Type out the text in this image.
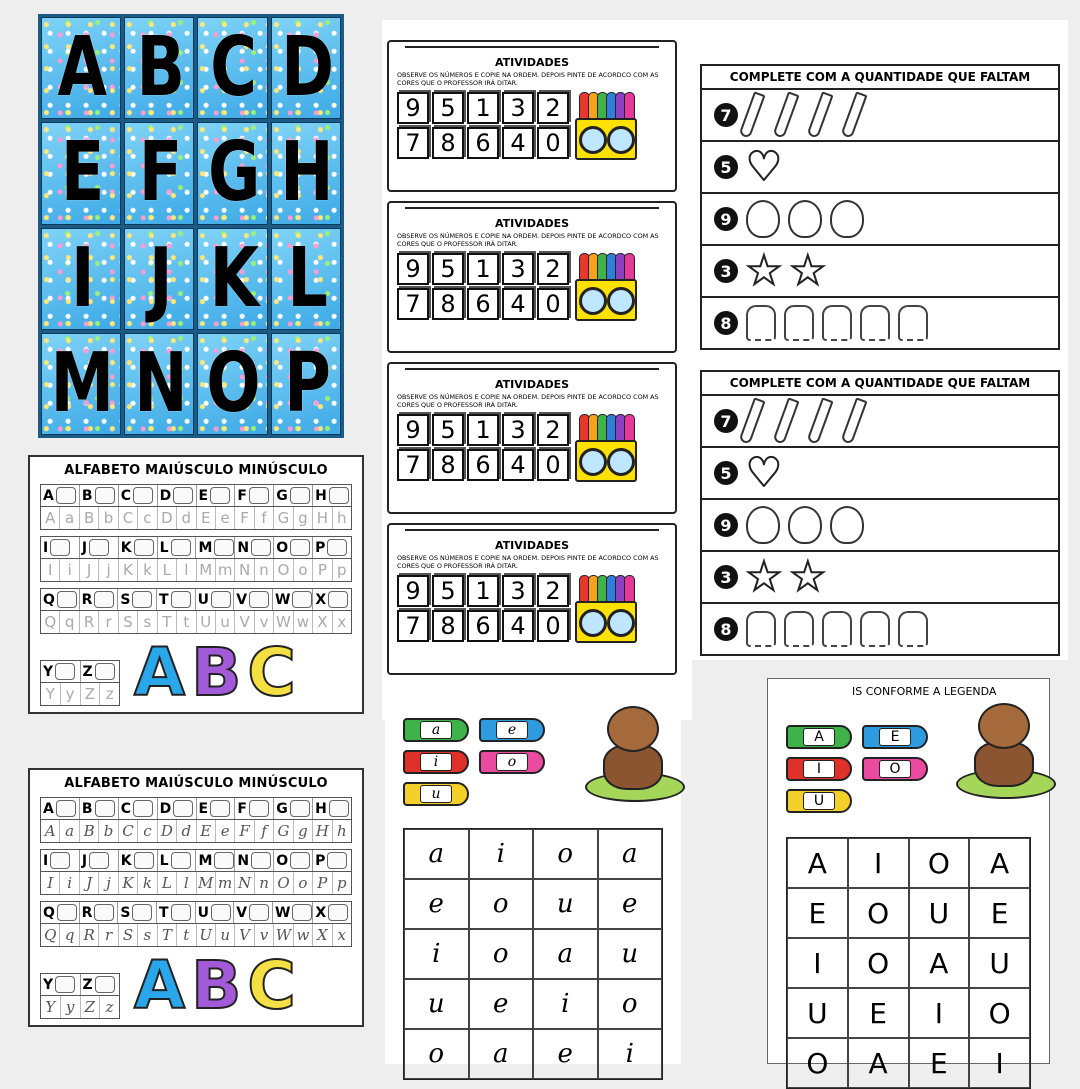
A B C D
E F G H
I J K L
M N O P
ALFABETO MAIÚSCULO MINÚSCULO
A B C D E F G H
A a B b C c D d E e F f G g H h
I J K L M N O P
I	i	J	j K k L l M m N n O o P p
Q R S T U V W X
Q q R r S s T t U u V v W w X x
Y Z
Y y Z z ABC
ALFABETO MAIÚSCULO MINÚSCULO
A B C D E F G H
A a B b C c D d E e F f G g H h
I J K L M N O P
I i J j K k L l M m N n O o P p
Q R S T U V W X
Q q R r S s T t U u V v W w X x
Y Z
Y y Z z ABC
ATIVIDADES

OBSERVE OS NÚMEROS E COPIE NA ORDEM. DEPOIS PINTE DE ACORDCO COM AS CORES QUE O PROFESSOR IRÁ DITAR.

9 5 1 3 2
7 8 6 4 0
ATIVIDADES

OBSERVE OS NÚMEROS E COPIE NA ORDEM. DEPOIS PINTE DE ACORDCO COM AS CORES QUE O PROFESSOR IRÁ DITAR.

9 5 1 3 2
7 8 6 4 0
ATIVIDADES

OBSERVE OS NÚMEROS E COPIE NA ORDEM. DEPOIS PINTE DE ACORDCO COM AS CORES QUE O PROFESSOR IRÁ DITAR.

9 5 1 3 2
7 8 6 4 0
ATIVIDADES

OBSERVE OS NÚMEROS E COPIE NA ORDEM. DEPOIS PINTE DE ACORDCO COM AS CORES QUE O PROFESSOR IRÁ DITAR.

9 5 1 3 2
7 8 6 4 0
COMPLETE COM A QUANTIDADE QUE FALTAM
7
5 ♥
9
3 ★ ★
8
COMPLETE COM A QUANTIDADE QUE FALTAM
7
5 ♥
9
3 ★ ★
8
a	e
i	o
u
a	i	o	a
e	o	u	e
i	o	a	u
u	e	i	o
o	a	e	i
IS CONFORME A LEGENDA
A	E
I	O
U
A	I	O	A
E	O	U	E
I	O	A	U
U	E	I	O
O	A	E	I
